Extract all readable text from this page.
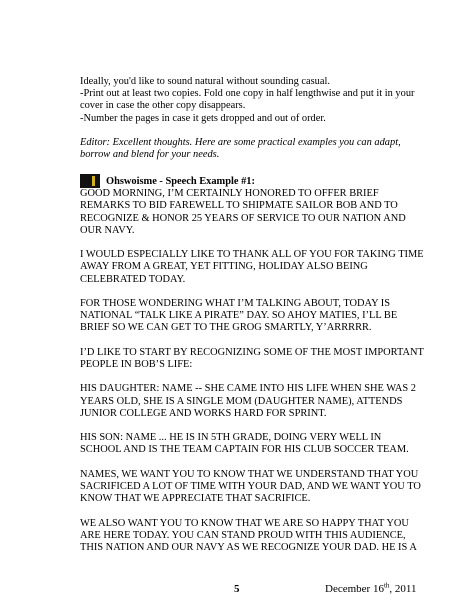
Ideally, you'd like to sound natural without sounding casual.

-Print out at least two copies. Fold one copy in half lengthwise and put it in your cover in case the other copy disappears.

-Number the pages in case it gets dropped and out of order.

Editor: Excellent thoughts. Here are some practical examples you can adapt, borrow and blend for your needs.

Ohswoisme - Speech Example #1:

GOOD MORNING, I’M CERTAINLY HONORED TO OFFER BRIEF REMARKS TO BID FAREWELL TO SHIPMATE SAILOR BOB AND TO RECOGNIZE & HONOR 25 YEARS OF SERVICE TO OUR NATION AND OUR NAVY.

I WOULD ESPECIALLY LIKE TO THANK ALL OF YOU FOR TAKING TIME AWAY FROM A GREAT, YET FITTING, HOLIDAY ALSO BEING CELEBRATED TODAY.

FOR THOSE WONDERING WHAT I’M TALKING ABOUT, TODAY IS NATIONAL “TALK LIKE A PIRATE” DAY. SO AHOY MATIES, I’LL BE BRIEF SO WE CAN GET TO THE GROG SMARTLY, Y’ARRRRR.

I’D LIKE TO START BY RECOGNIZING SOME OF THE MOST IMPORTANT PEOPLE IN BOB’S LIFE:

HIS DAUGHTER: NAME -- SHE CAME INTO HIS LIFE WHEN SHE WAS 2 YEARS OLD, SHE IS A SINGLE MOM (DAUGHTER NAME), ATTENDS JUNIOR COLLEGE AND WORKS HARD FOR SPRINT.

HIS SON: NAME ... HE IS IN 5TH GRADE, DOING VERY WELL IN SCHOOL AND IS THE TEAM CAPTAIN FOR HIS CLUB SOCCER TEAM.

NAMES, WE WANT YOU TO KNOW THAT WE UNDERSTAND THAT YOU SACRIFICED A LOT OF TIME WITH YOUR DAD, AND WE WANT YOU TO KNOW THAT WE APPRECIATE THAT SACRIFICE.

WE ALSO WANT YOU TO KNOW THAT WE ARE SO HAPPY THAT YOU ARE HERE TODAY. YOU CAN STAND PROUD WITH THIS AUDIENCE, THIS NATION AND OUR NAVY AS WE RECOGNIZE YOUR DAD. HE IS A

5	December 16th, 2011
